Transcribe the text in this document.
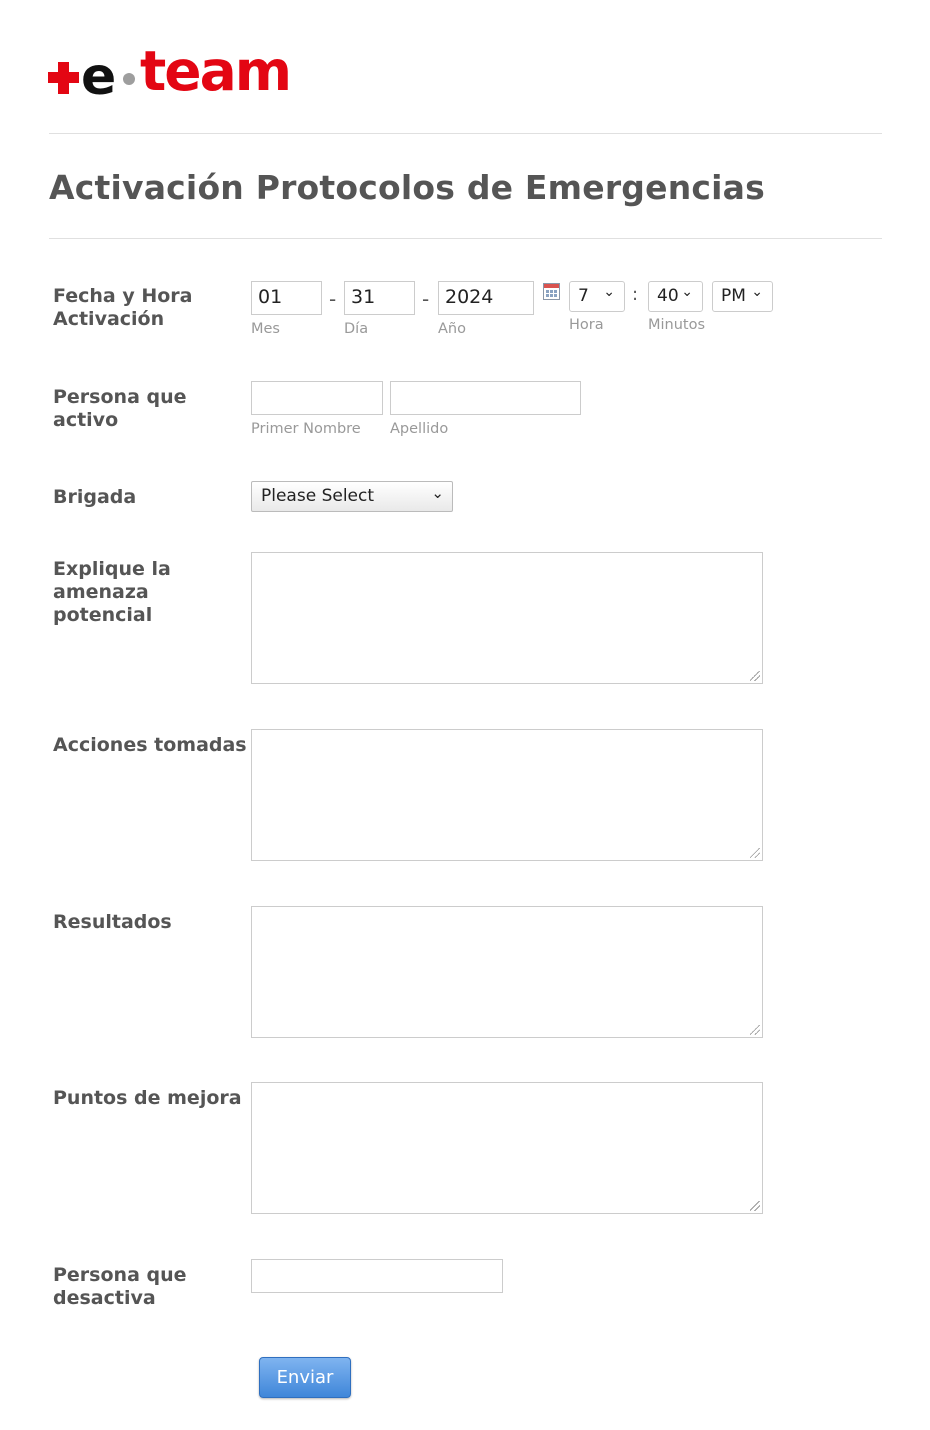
e team
Activación Protocolos de Emergencias

Fecha y Hora Activación

01	- 31	- 2024
Mes	Día	Año
7 ⌄ :	40 ⌄	PM ⌄
Hora	Minutos

Persona que activo	Primer Nombre Apellido

Brigada	Please Select	⌄

Explique la amenaza potencial

Acciones tomadas

Resultados

Puntos de mejora

Persona que desactiva

Enviar
